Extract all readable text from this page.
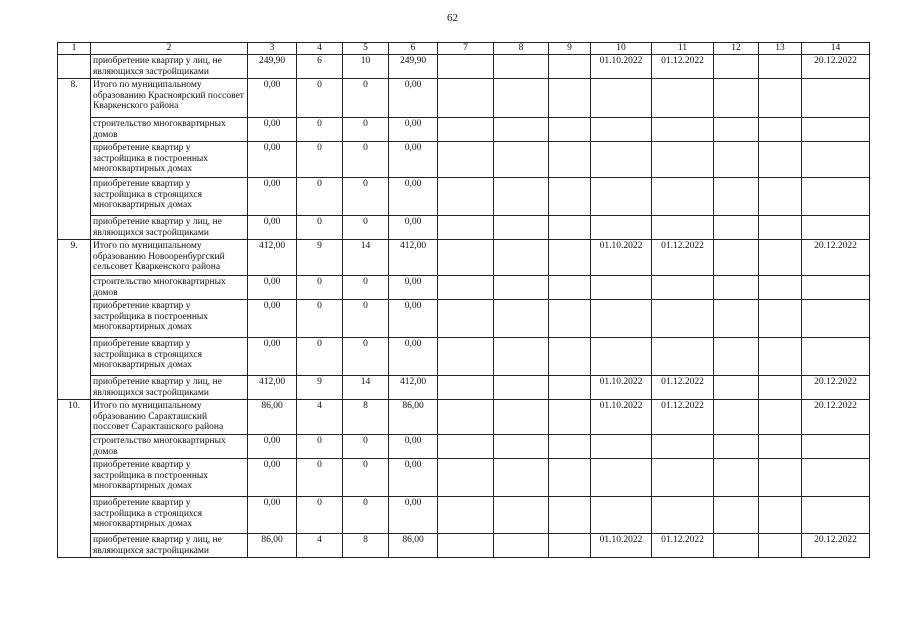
62
1	2	3	4	5	6	7	8	9	10	11	12	13	14
	приобретение квартир у лиц, не являющихся застройщиками	249,90	6	10	249,90				01.10.2022	01.12.2022			20.12.2022
8.	Итого по муниципальному образованию Красноярский поссовет Кваркенского района	0,00	0	0	0,00								
	строительство многоквартирных домов	0,00	0	0	0,00								
	приобретение квартир у застройщика в построенных многоквартирных домах	0,00	0	0	0,00								
	приобретение квартир у застройщика в строящихся многоквартирных домах	0,00	0	0	0,00								
	приобретение квартир у лиц, не являющихся застройщиками	0,00	0	0	0,00								
9.	Итого по муниципальному образованию Новооренбургский сельсовет Кваркенского района	412,00	9	14	412,00				01.10.2022	01.12.2022			20.12.2022
	строительство многоквартирных домов	0,00	0	0	0,00								
	приобретение квартир у застройщика в построенных многоквартирных домах	0,00	0	0	0,00								
	приобретение квартир у застройщика в строящихся многоквартирных домах	0,00	0	0	0,00								
	приобретение квартир у лиц, не являющихся застройщиками	412,00	9	14	412,00				01.10.2022	01.12.2022			20.12.2022
10.	Итого по муниципальному образованию Саракташский поссовет Саракташского района	86,00	4	8	86,00				01.10.2022	01.12.2022			20.12.2022
	строительство многоквартирных домов	0,00	0	0	0,00								
	приобретение квартир у застройщика в построенных многоквартирных домах	0,00	0	0	0,00								
	приобретение квартир у застройщика в строящихся многоквартирных домах	0,00	0	0	0,00								
	приобретение квартир у лиц, не являющихся застройщиками	86,00	4	8	86,00				01.10.2022	01.12.2022			20.12.2022
